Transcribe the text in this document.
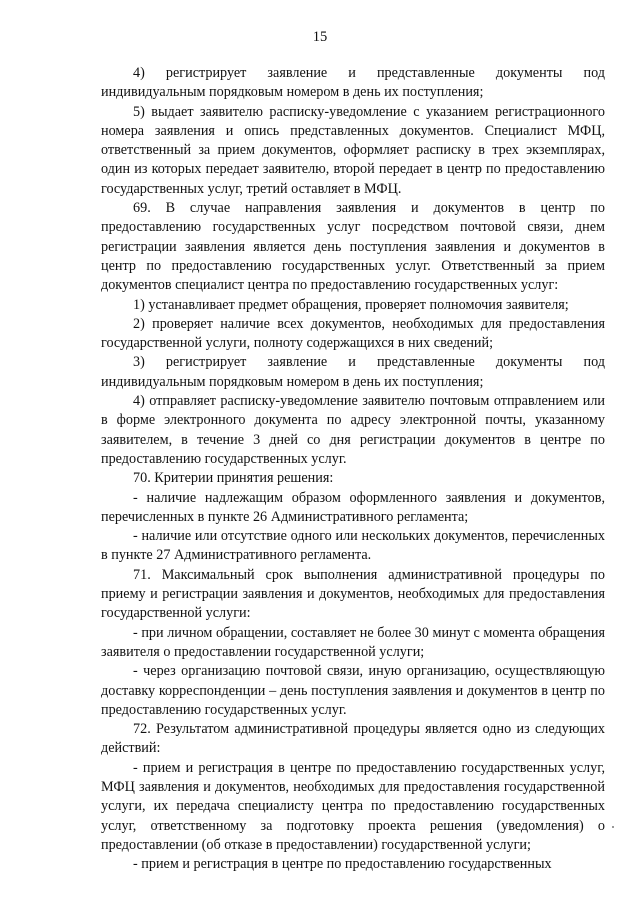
15

4) регистрирует заявление и представленные документы под индивидуальным порядковым номером в день их поступления;

5) выдает заявителю расписку-уведомление с указанием регистрационного номера заявления и опись представленных документов. Специалист МФЦ, ответственный за прием документов, оформляет расписку в трех экземплярах, один из которых передает заявителю, второй передает в центр по предоставлению государственных услуг, третий оставляет в МФЦ.

69. В случае направления заявления и документов в центр по предоставлению государственных услуг посредством почтовой связи, днем регистрации заявления является день поступления заявления и документов в центр по предоставлению государственных услуг. Ответственный за прием документов специалист центра по предоставлению государственных услуг:

1) устанавливает предмет обращения, проверяет полномочия заявителя;

2) проверяет наличие всех документов, необходимых для предоставления государственной услуги, полноту содержащихся в них сведений;

3) регистрирует заявление и представленные документы под индивидуальным порядковым номером в день их поступления;

4) отправляет расписку-уведомление заявителю почтовым отправлением или в форме электронного документа по адресу электронной почты, указанному заявителем, в течение 3 дней со дня регистрации документов в центре по предоставлению государственных услуг.

70. Критерии принятия решения:

- наличие надлежащим образом оформленного заявления и документов, перечисленных в пункте 26 Административного регламента;

- наличие или отсутствие одного или нескольких документов, перечисленных в пункте 27 Административного регламента.

71. Максимальный срок выполнения административной процедуры по приему и регистрации заявления и документов, необходимых для предоставления государственной услуги:

- при личном обращении, составляет не более 30 минут с момента обращения заявителя о предоставлении государственной услуги;

- через организацию почтовой связи, иную организацию, осуществляющую доставку корреспонденции – день поступления заявления и документов в центр по предоставлению государственных услуг.

72. Результатом административной процедуры является одно из следующих действий:

- прием и регистрация в центре по предоставлению государственных услуг, МФЦ заявления и документов, необходимых для предоставления государственной услуги, их передача специалисту центра по предоставлению государственных услуг, ответственному за подготовку проекта решения (уведомления) о предоставлении (об отказе в предоставлении) государственной услуги;

- прием и регистрация в центре по предоставлению государственных
